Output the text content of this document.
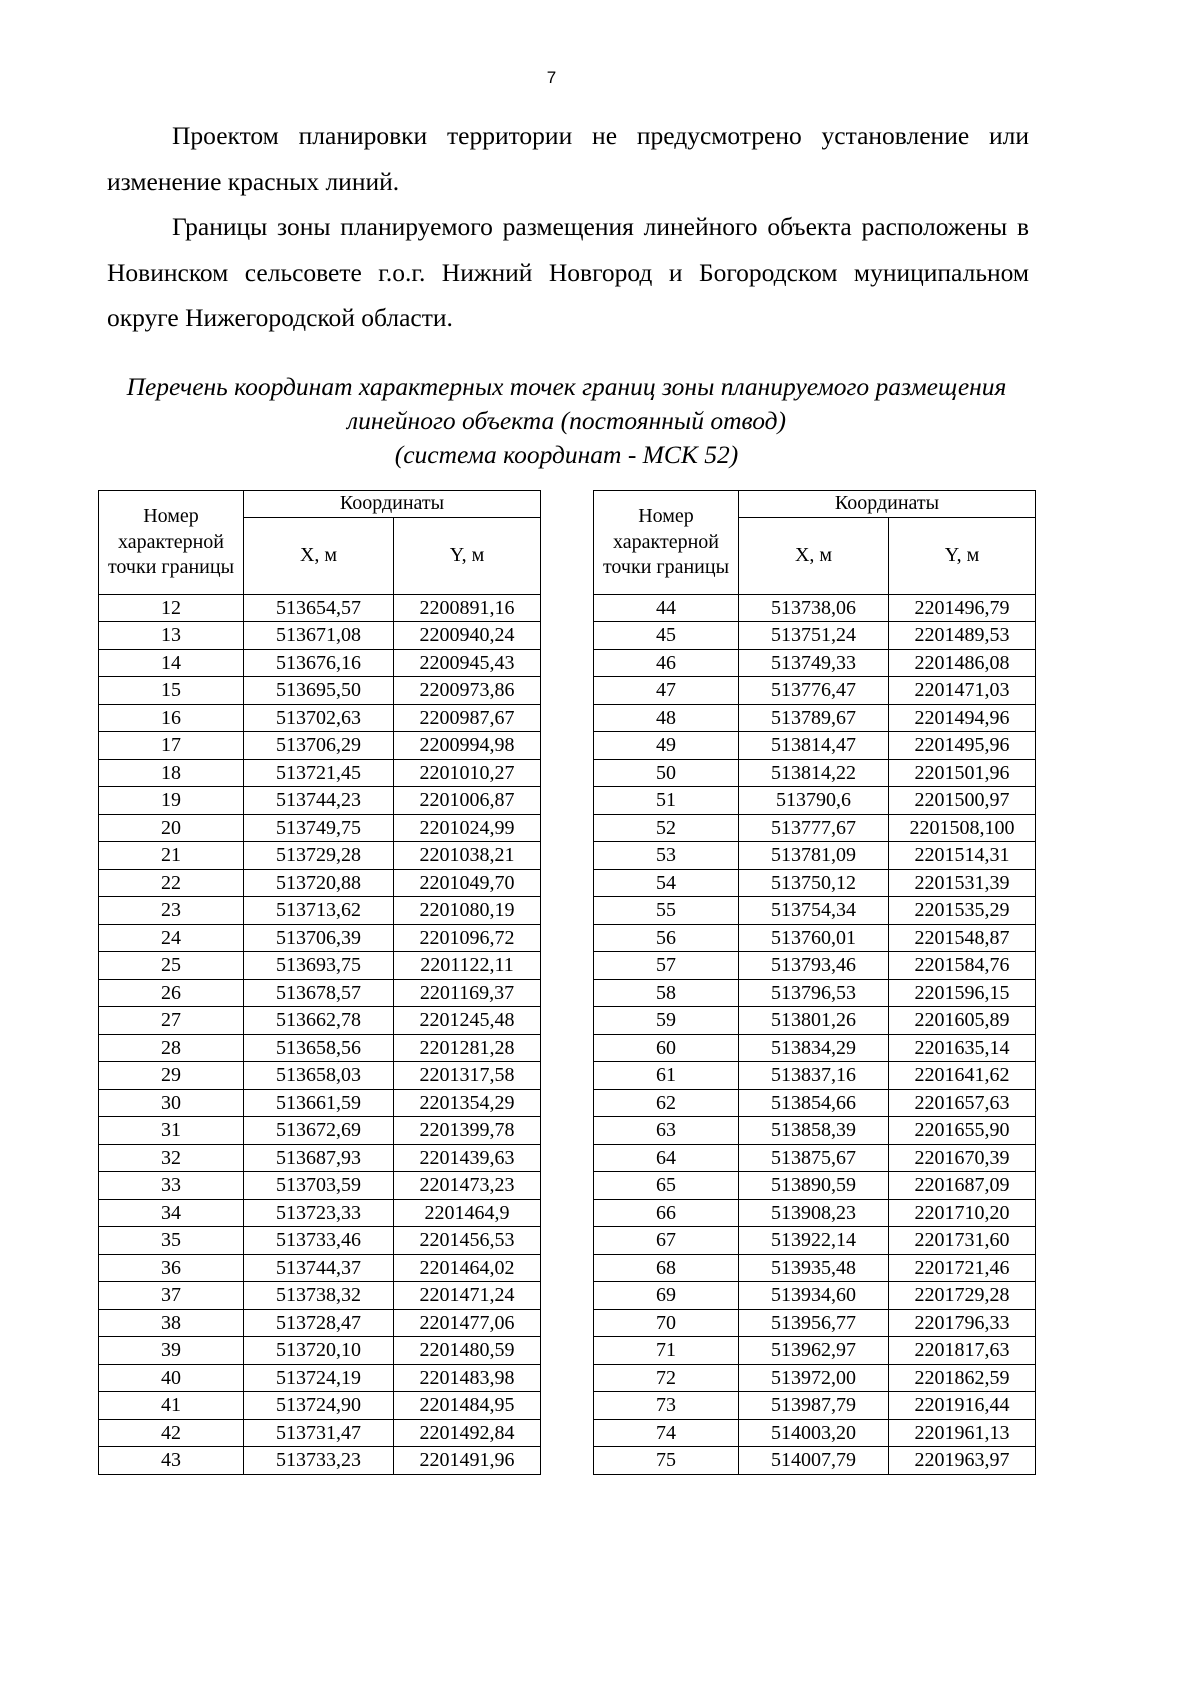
7

Проектом планировки территории не предусмотрено установление или изменение красных линий.

Границы зоны планируемого размещения линейного объекта расположены в Новинском сельсовете г.о.г. Нижний Новгород и Богородском муниципальном округе Нижегородской области.

Перечень координат характерных точек границ зоны планируемого размещения
линейного объекта (постоянный отвод)
(система координат - МСК 52)
Номер характерной точки границы	Координаты	
	X, м	Y, м
12	513654,57	2200891,16
13	513671,08	2200940,24
14	513676,16	2200945,43
15	513695,50	2200973,86
16	513702,63	2200987,67
17	513706,29	2200994,98
18	513721,45	2201010,27
19	513744,23	2201006,87
20	513749,75	2201024,99
21	513729,28	2201038,21
22	513720,88	2201049,70
23	513713,62	2201080,19
24	513706,39	2201096,72
25	513693,75	2201122,11
26	513678,57	2201169,37
27	513662,78	2201245,48
28	513658,56	2201281,28
29	513658,03	2201317,58
30	513661,59	2201354,29
31	513672,69	2201399,78
32	513687,93	2201439,63
33	513703,59	2201473,23
34	513723,33	2201464,9
35	513733,46	2201456,53
36	513744,37	2201464,02
37	513738,32	2201471,24
38	513728,47	2201477,06
39	513720,10	2201480,59
40	513724,19	2201483,98
41	513724,90	2201484,95
42	513731,47	2201492,84
43	513733,23	2201491,96
Номер характерной точки границы	Координаты	
	X, м	Y, м
44	513738,06	2201496,79
45	513751,24	2201489,53
46	513749,33	2201486,08
47	513776,47	2201471,03
48	513789,67	2201494,96
49	513814,47	2201495,96
50	513814,22	2201501,96
51	513790,6	2201500,97
52	513777,67	2201508,100
53	513781,09	2201514,31
54	513750,12	2201531,39
55	513754,34	2201535,29
56	513760,01	2201548,87
57	513793,46	2201584,76
58	513796,53	2201596,15
59	513801,26	2201605,89
60	513834,29	2201635,14
61	513837,16	2201641,62
62	513854,66	2201657,63
63	513858,39	2201655,90
64	513875,67	2201670,39
65	513890,59	2201687,09
66	513908,23	2201710,20
67	513922,14	2201731,60
68	513935,48	2201721,46
69	513934,60	2201729,28
70	513956,77	2201796,33
71	513962,97	2201817,63
72	513972,00	2201862,59
73	513987,79	2201916,44
74	514003,20	2201961,13
75	514007,79	2201963,97
